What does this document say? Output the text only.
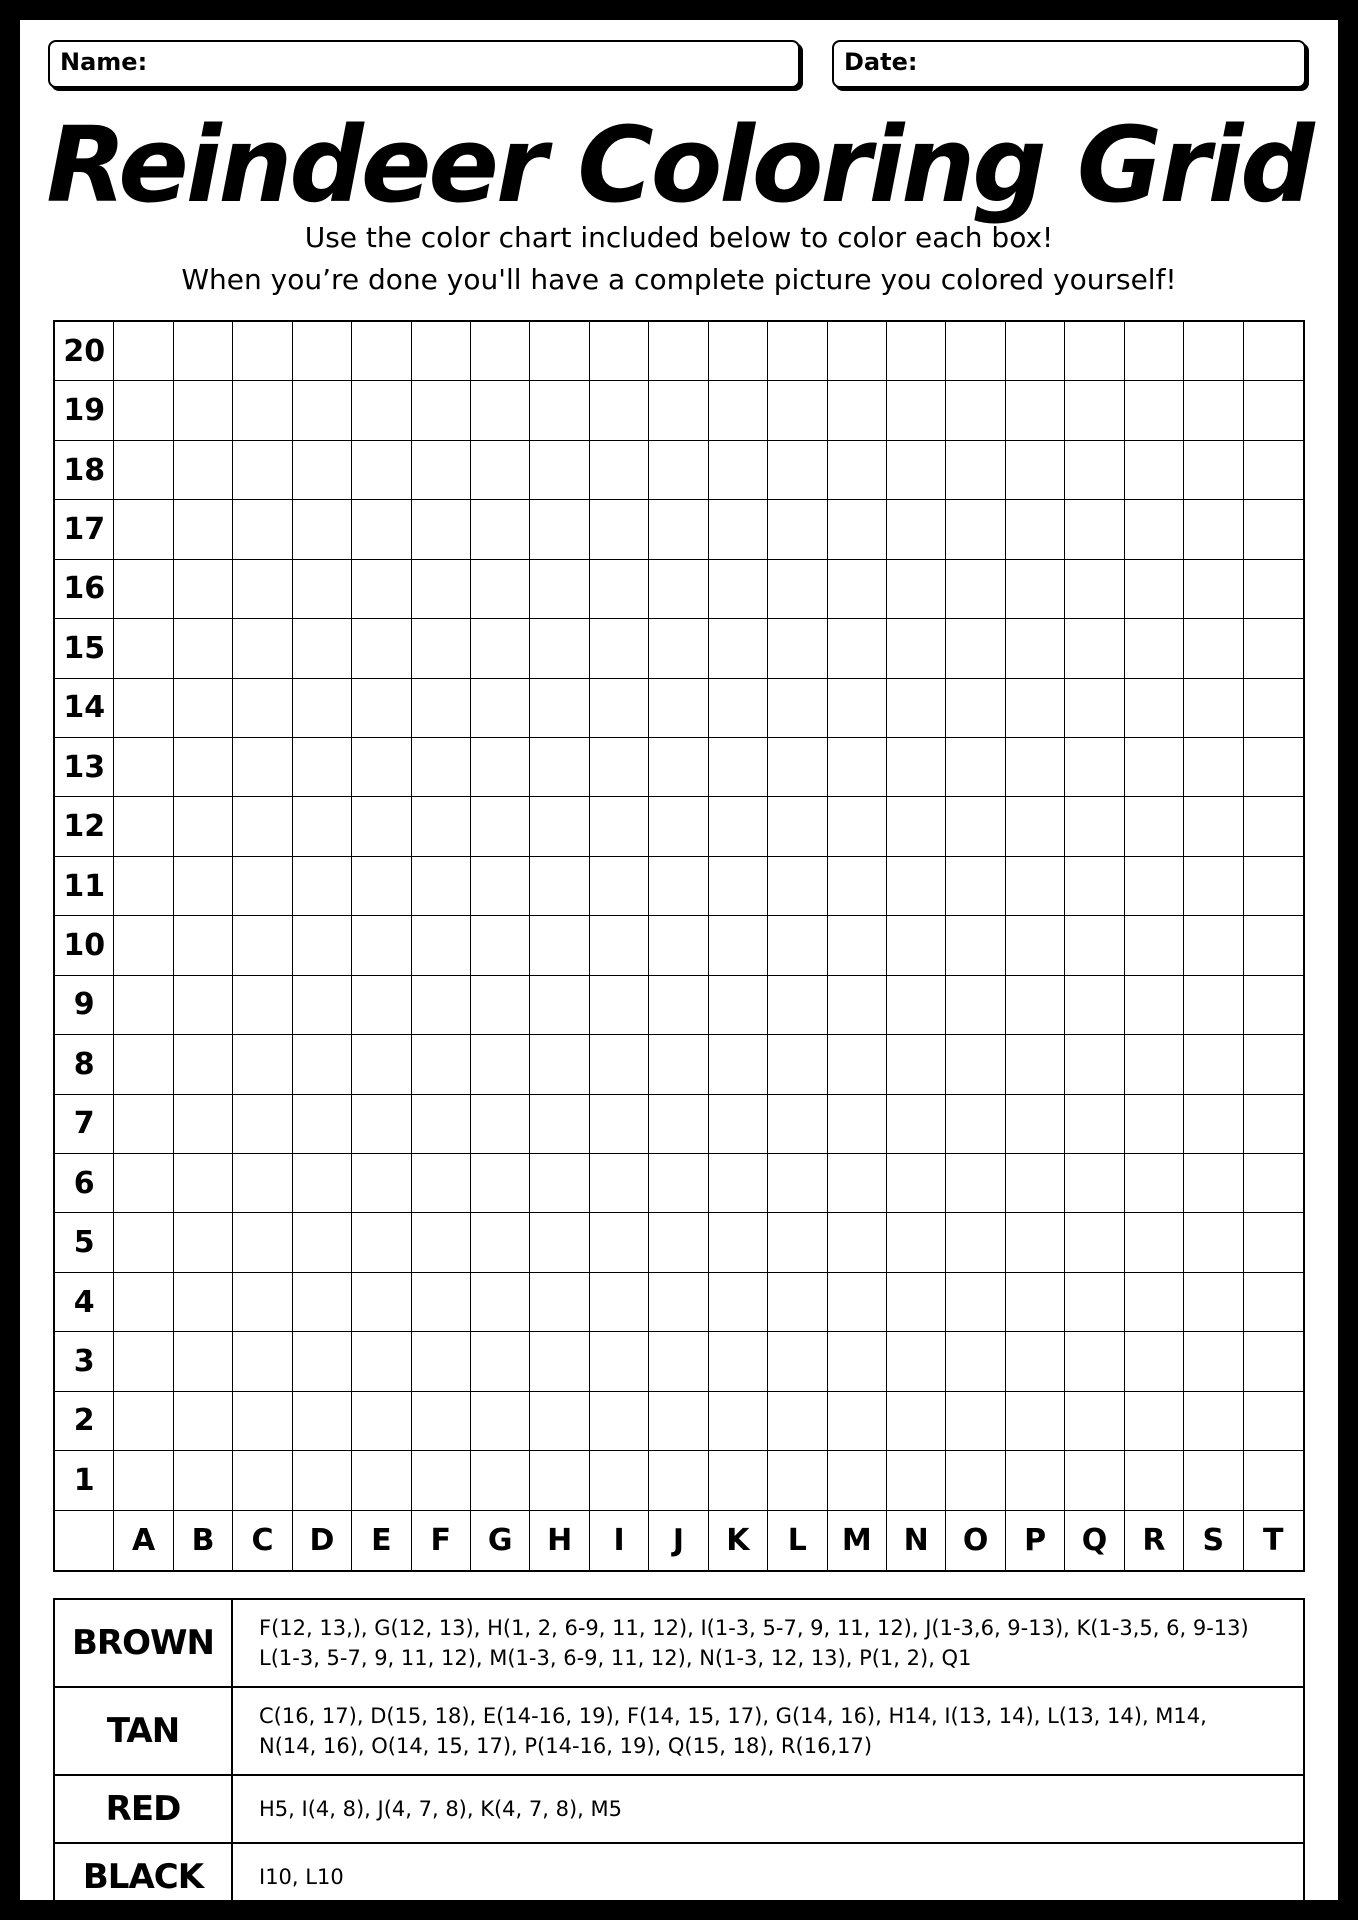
Name:	Date:
Reindeer Coloring Grid
Use the color chart included below to color each box!
When you’re done you'll have a complete picture you colored yourself!
20
19
18
17
16
15
14
13
12
11
10
9
8
7
6
5
4
3
2
1
A	B	C	D	E	F	G	H	I	J	K	L	M	N	O	P	Q	R	S	T
BROWN	F(12, 13,), G(12, 13), H(1, 2, 6-9, 11, 12), I(1-3, 5-7, 9, 11, 12), J(1-3,6, 9-13), K(1-3,5, 6, 9-13)
L(1-3, 5-7, 9, 11, 12), M(1-3, 6-9, 11, 12), N(1-3, 12, 13), P(1, 2), Q1

TAN	C(16, 17), D(15, 18), E(14-16, 19), F(14, 15, 17), G(14, 16), H14, I(13, 14), L(13, 14), M14,
N(14, 16), O(14, 15, 17), P(14-16, 19), Q(15, 18), R(16,17)

RED	H5, I(4, 8), J(4, 7, 8), K(4, 7, 8), M5

BLACK	I10, L10
